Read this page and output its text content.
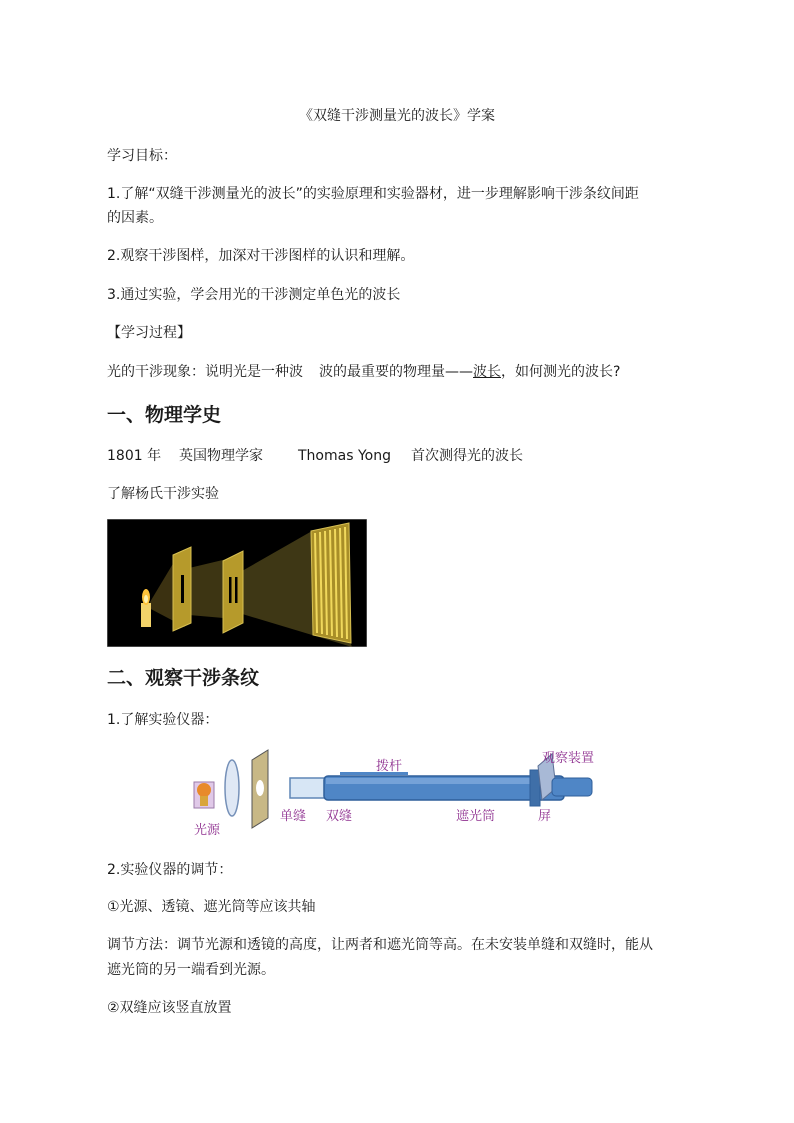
《双缝干涉测量光的波长》学案
学习目标：
1.了解“双缝干涉测量光的波长”的实验原理和实验器材，进一步理解影响干涉条纹间距
的因素。
2.观察干涉图样，加深对干涉图样的认识和理解。
3.通过实验，学会用光的干涉测定单色光的波长
【学习过程】
光的干涉现象：说明光是一种波 波的最重要的物理量——波长，如何测光的波长?
一、物理学史
1801 年 英国物理学家	Thomas Yong 首次测得光的波长
了解杨氏干涉实验
二、观察干涉条纹
1.了解实验仪器：
光源
单缝 双缝
拨杆
遮光筒	屏
观察装置
2.实验仪器的调节：
①光源、透镜、遮光筒等应该共轴
调节方法：调节光源和透镜的高度，让两者和遮光筒等高。在未安装单缝和双缝时，能从
遮光筒的另一端看到光源。
②双缝应该竖直放置
